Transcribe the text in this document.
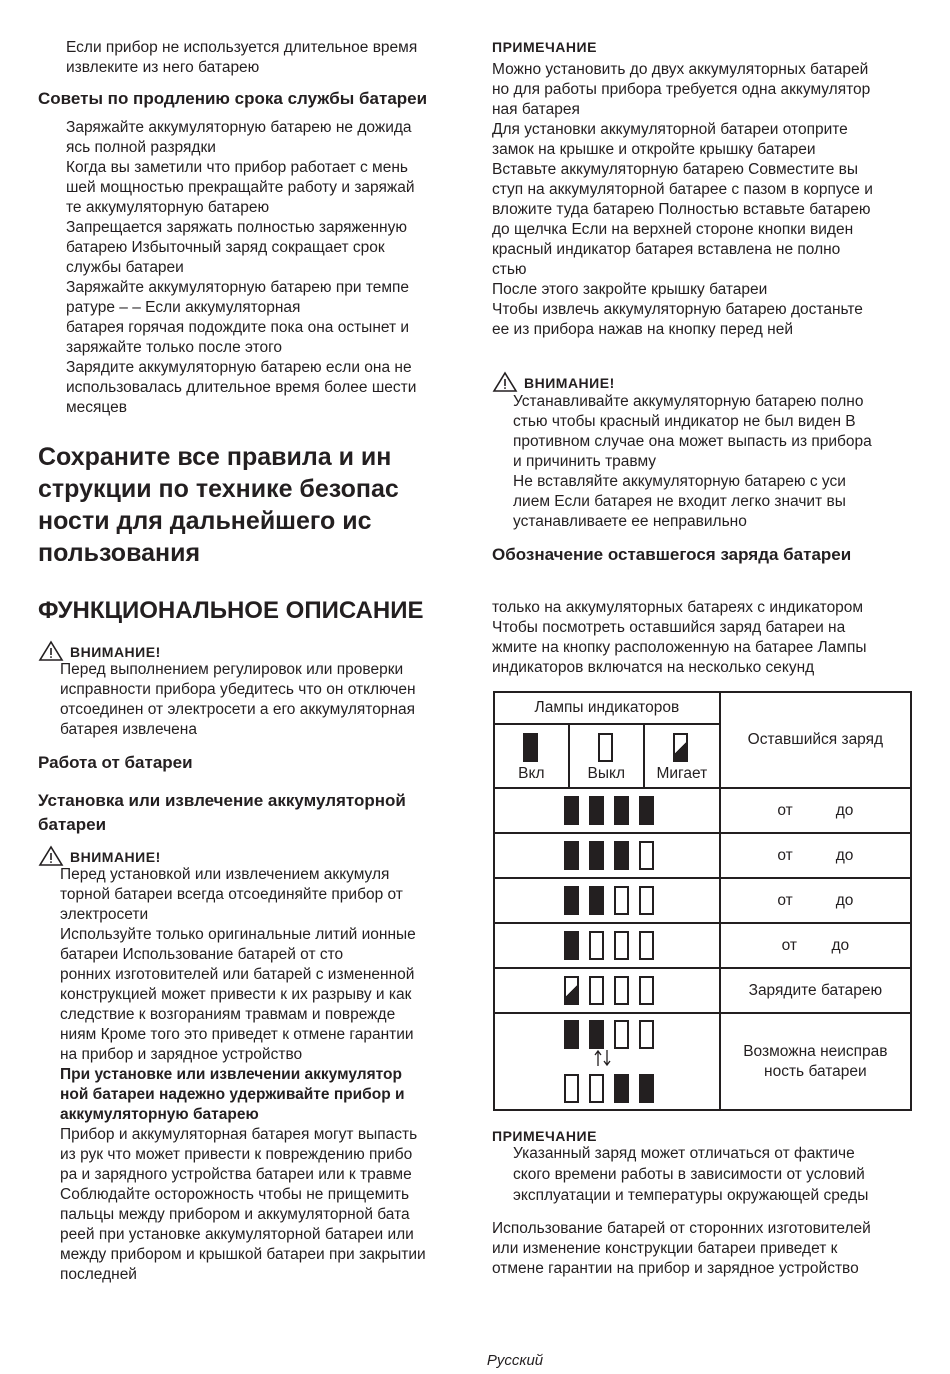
Если прибор не используется длительное время

извлеките из него батарею

Советы по продлению срока службы батареи

Заряжайте аккумуляторную батарею не дожида

ясь полной разрядки

Когда вы заметили что прибор работает с мень

шей мощностью прекращайте работу и заряжай

те аккумуляторную батарею

Запрещается заряжать полностью заряженную

батарею Избыточный заряд сокращает срок

службы батареи

Заряжайте аккумуляторную батарею при темпе

ратуре – – Если аккумуляторная

батарея горячая подождите пока она остынет и

заряжайте только после этого

Зарядите аккумуляторную батарею если она не

использовалась длительное время более шести

месяцев

Сохраните все правила и ин

струкции по технике безопас

ности для дальнейшего ис

пользования

ФУНКЦИОНАЛЬНОЕ ОПИСАНИЕ

ВНИМАНИЕ!

Перед выполнением регулировок или проверки

исправности прибора убедитесь что он отключен

отсоединен от электросети а его аккумуляторная

батарея извлечена

Работа от батареи

Установка или извлечение аккумуляторной

батареи

ВНИМАНИЕ!

Перед установкой или извлечением аккумуля

торной батареи всегда отсоединяйте прибор от

электросети

Используйте только оригинальные литий ионные

батареи Использование батарей от сто

ронних изготовителей или батарей с измененной

конструкцией может привести к их разрыву и как

следствие к возгораниям травмам и повреждe

ниям Кроме того это приведет к отмене гарантии

на прибор и зарядное устройство

При установке или извлечении аккумулятор

ной батареи надежно удерживайте прибор и

аккумуляторную батарею

Прибор и аккумуляторная батарея могут выпасть

из рук что может привести к повреждению прибо

ра и зарядного устройства батареи или к травме

Соблюдайте осторожность чтобы не прищемить

пальцы между прибором и аккумуляторной бата

реей при установке аккумуляторной батареи или

между прибором и крышкой батареи при закрытии

последней

ПРИМЕЧАНИЕ

Можно установить до двух аккумуляторных батарей

но для работы прибора требуется одна аккумулятор

ная батарея

Для установки аккумуляторной батареи отоприте

замок на крышке и откройте крышку батареи

Вставьте аккумуляторную батарею Совместите вы

ступ на аккумуляторной батарее с пазом в корпусе и

вложите туда батарею Полностью вставьте батарею

до щелчка Если на верхней стороне кнопки виден

красный индикатор батарея вставлена не полно

стью

После этого закройте крышку батареи

Чтобы извлечь аккумуляторную батарею достаньте

ее из прибора нажав на кнопку перед ней

ВНИМАНИЕ!

Устанавливайте аккумуляторную батарею полно

стью чтобы красный индикатор не был виден В

противном случае она может выпасть из прибора

и причинить травму

Не вставляйте аккумуляторную батарею с уси

лием Если батарея не входит легко значит вы

устанавливаете ее неправильно

Обозначение оставшегося заряда батареи

только на аккумуляторных батареях с индикатором

Чтобы посмотреть оставшийся заряд батареи на

жмите на кнопку расположенную на батарее Лампы

индикаторов включатся на несколько секунд

ПРИМЕЧАНИЕ

Указанный заряд может отличаться от фактиче

ского времени работы в зависимости от условий

эксплуатации и температуры окружающей среды

Использование батарей от сторонних изготовителей

или изменение конструкции батареи приведет к

отмене гарантии на прибор и зарядное устройство

Лампы индикаторов			Оставшийся заряд

Вкл	Выкл	Мигает	

			от          до

			от          до

			от          до

			от        до

			Зарядите батарею

Возможна неисправ
ность батареи
Русский
